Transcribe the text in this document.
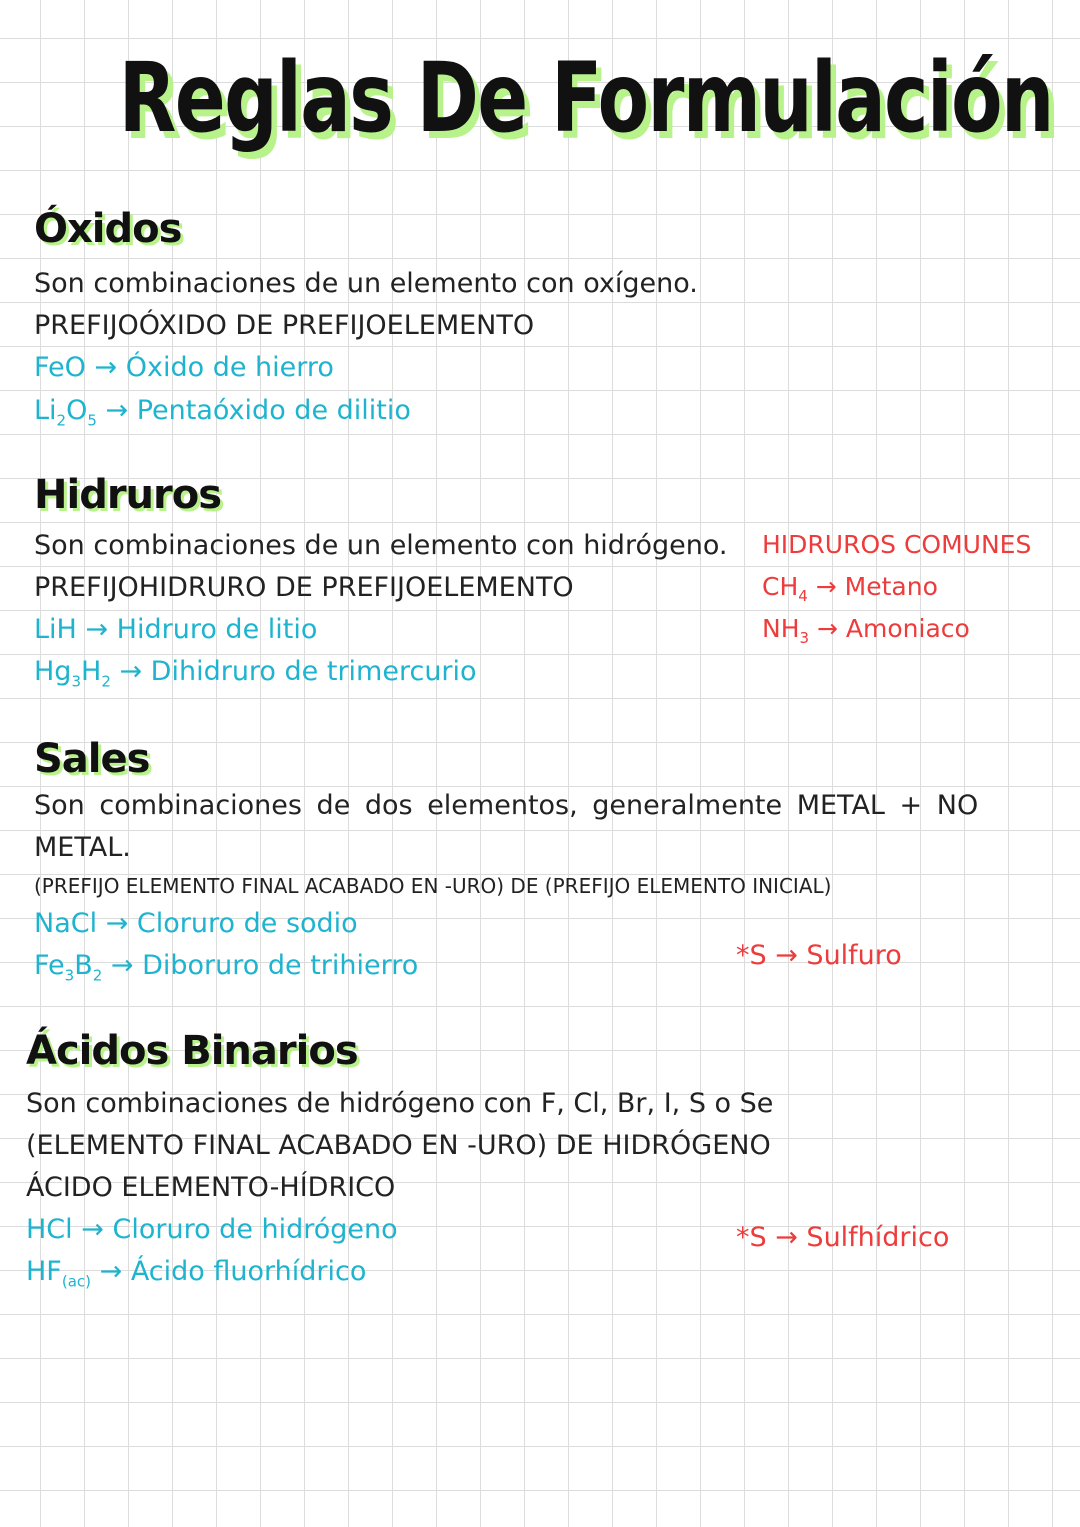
Reglas De Formulación
Óxidos
Son combinaciones de un elemento con oxígeno.
PREFIJOÓXIDO DE PREFIJOELEMENTO
FeO → Óxido de hierro
$Li_2O_5$ → Pentaóxido de dilitio
Hidruros
Son combinaciones de un elemento con hidrógeno.
PREFIJOHIDRURO DE PREFIJOELEMENTO
LiH → Hidruro de litio
$Hg_3H_2$ → Dihidruro de trimercurio
HIDRUROS COMUNES
$CH_4 \to Metano$
$NH_3$ → Amoniaco
Sales
Son combinaciones de dos elementos, generalmente METAL + NO
METAL.
(PREFIJO ELEMENTO FINAL ACABADO EN -URO) DE (PREFIJO ELEMENTO INICIAL)
NaCl → Cloruro de sodio
$Fe_3B_2$ → Diboruro de trihierro	*S → Sulfuro
Ácidos Binarios
Son combinaciones de hidrógeno con F, Cl, Br, I, S o Se
(ELEMENTO FINAL ACABADO EN -URO) DE HIDRÓGENO
ÁCIDO ELEMENTO-HÍDRICO
HCl → Cloruro de hidrógeno
$HF_{(ac)}$ → Ácido fluorhídrico
*S → Sulfhídrico
